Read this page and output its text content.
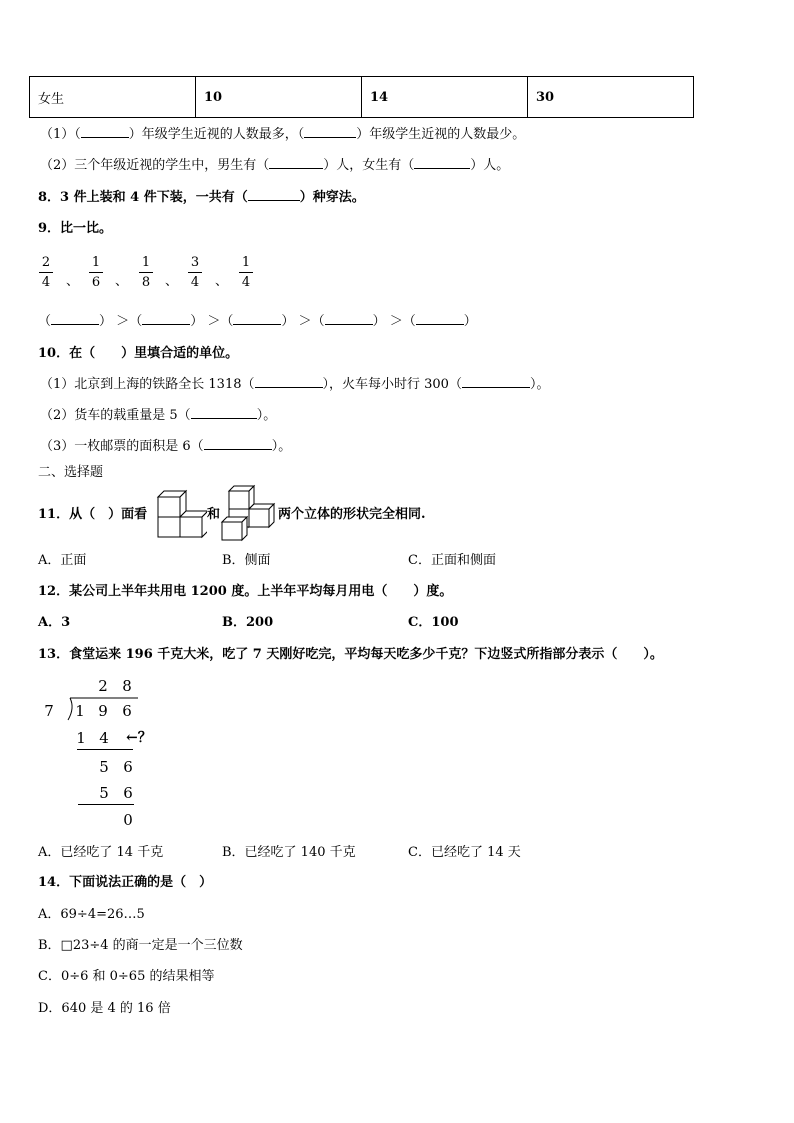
女生	10	14	30
（1）（	）年级学生近视的人数最多，（	）年级学生近视的人数最少。
（2）三个年级近视的学生中，男生有（	）人，女生有（	）人。
8．3 件上装和 4 件下装，一共有（	）种穿法。
9．比一比。
2
4 、
1
6 、
1
8 、
3
4 、
1
4
（	） ＞（	） ＞（	） ＞（	） ＞（	）
10．在（　　）里填合适的单位。
（1）北京到上海的铁路全长 1318（	），火车每小时行 300（	）。
（2）货车的载重量是 5（	）。
（3）一枚邮票的面积是 6（	）。
二、选择题
11．从（　）面看	和	两个立体的形状完全相同.
A．正面	B．侧面	C．正面和侧面
12．某公司上半年共用电 1200 度。上半年平均每月用电（　　）度。
A．3	B．200	C．100
13．食堂运来 196 千克大米，吃了 7 天刚好吃完，平均每天吃多少千克？下边竖式所指部分表示（　　）。
2 8
7 1 9 6
1 4 ←？
5 6
5 6
0
A．已经吃了 14 千克	B．已经吃了 140 千克	C．已经吃了 14 天
14．下面说法正确的是（　）
A．69÷4=26…5
B．□23÷4 的商一定是一个三位数
C．0÷6 和 0÷65 的结果相等
D．640 是 4 的 16 倍
